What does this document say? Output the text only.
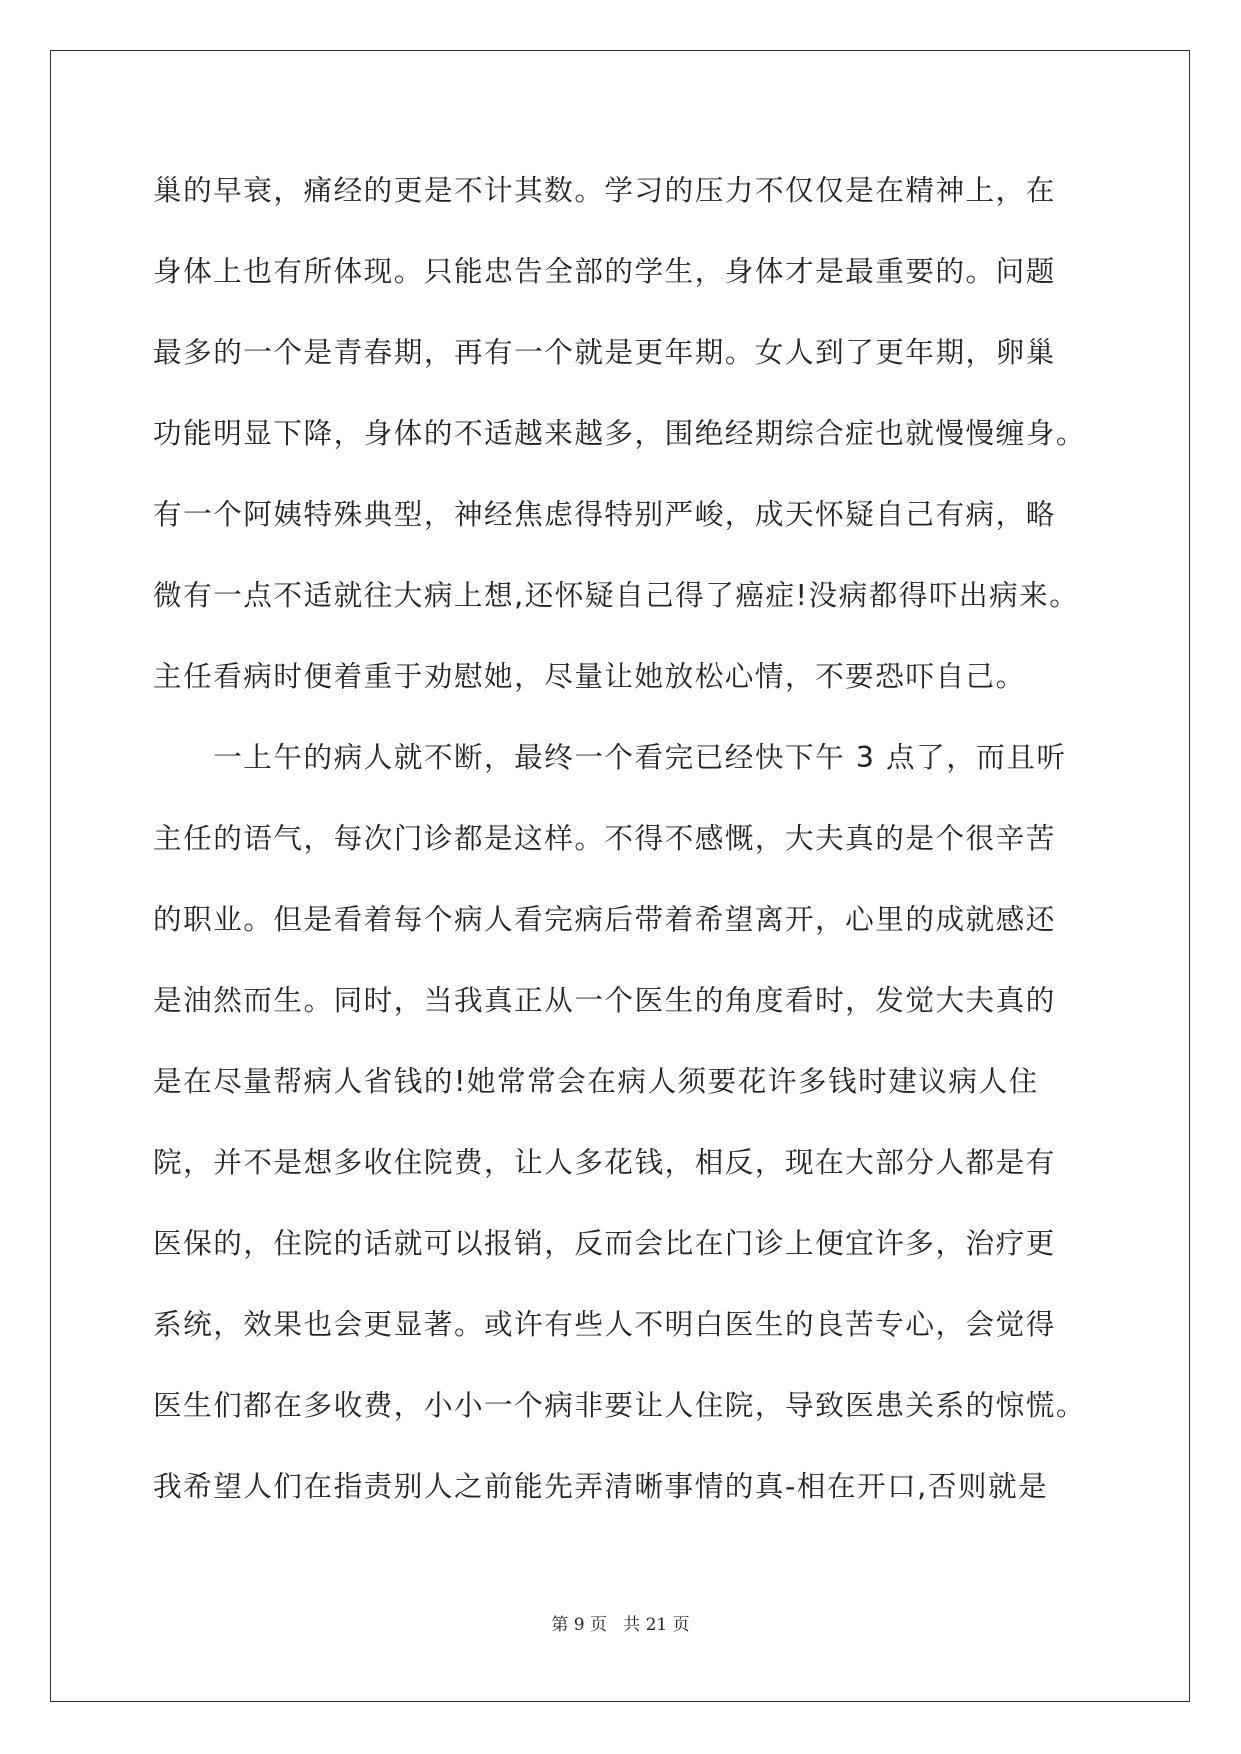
巢的早衰，痛经的更是不计其数。学习的压力不仅仅是在精神上，在
身体上也有所体现。只能忠告全部的学生，身体才是最重要的。问题
最多的一个是青春期，再有一个就是更年期。女人到了更年期，卵巢
功能明显下降，身体的不适越来越多，围绝经期综合症也就慢慢缠身。
有一个阿姨特殊典型，神经焦虑得特别严峻，成天怀疑自己有病，略
微有一点不适就往大病上想,还怀疑自己得了癌症!没病都得吓出病来。
主任看病时便着重于劝慰她，尽量让她放松心情，不要恐吓自己。
　　一上午的病人就不断，最终一个看完已经快下午 3 点了，而且听
主任的语气，每次门诊都是这样。不得不感慨，大夫真的是个很辛苦
的职业。但是看着每个病人看完病后带着希望离开，心里的成就感还
是油然而生。同时，当我真正从一个医生的角度看时，发觉大夫真的
是在尽量帮病人省钱的!她常常会在病人须要花许多钱时建议病人住
院，并不是想多收住院费，让人多花钱，相反，现在大部分人都是有
医保的，住院的话就可以报销，反而会比在门诊上便宜许多，治疗更
系统，效果也会更显著。或许有些人不明白医生的良苦专心，会觉得
医生们都在多收费，小小一个病非要让人住院，导致医患关系的惊慌。
我希望人们在指责别人之前能先弄清晰事情的真-相在开口,否则就是
第 9 页   共 21 页
